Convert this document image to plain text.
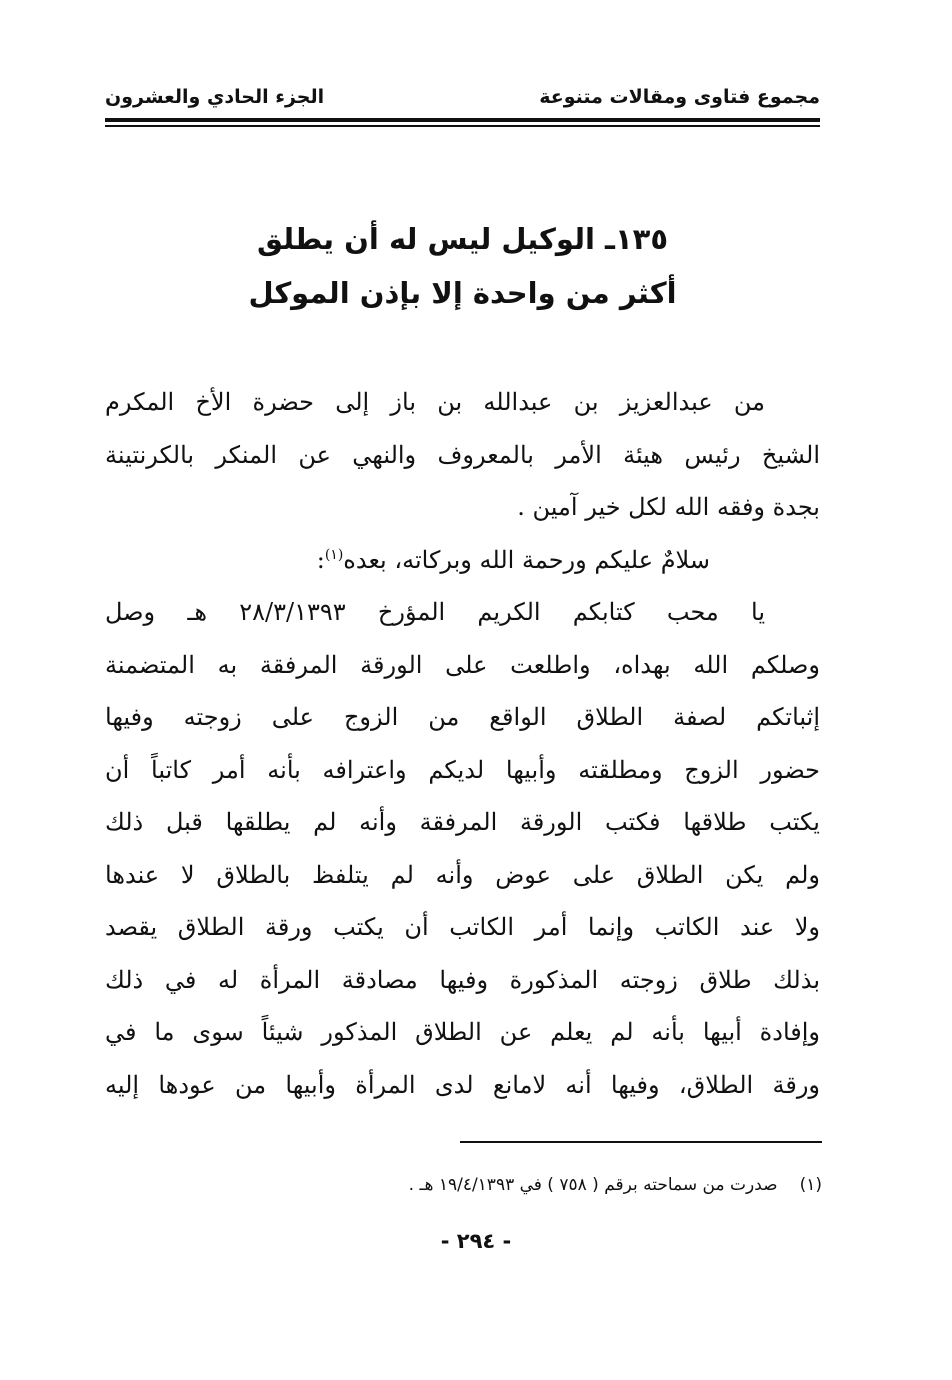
مجموع فتاوى ومقالات متنوعة
الجزء الحادي والعشرون
١٣٥ـ الوكيل ليس له أن يطلق
أكثر من واحدة إلا بإذن الموكل

من عبدالعزيز بن عبدالله بن باز إلى حضرة الأخ المكرم
الشيخ رئيس هيئة الأمر بالمعروف والنهي عن المنكر بالكرنتينة
بجدة وفقه الله لكل خير آمين .

سلامٌ عليكم ورحمة الله وبركاته، بعده$^{(١)}$:

يا محب كتابكم الكريم المؤرخ ٢٨/٣/١٣٩٣ هـ وصل
وصلكم الله بهداه، واطلعت على الورقة المرفقة به المتضمنة
إثباتكم لصفة الطلاق الواقع من الزوج على زوجته وفيها
حضور الزوج ومطلقته وأبيها لديكم واعترافه بأنه أمر كاتباً أن
يكتب طلاقها فكتب الورقة المرفقة وأنه لم يطلقها قبل ذلك
ولم يكن الطلاق على عوض وأنه لم يتلفظ بالطلاق لا عندها
ولا عند الكاتب وإنما أمر الكاتب أن يكتب ورقة الطلاق يقصد
بذلك طلاق زوجته المذكورة وفيها مصادقة المرأة له في ذلك
وإفادة أبيها بأنه لم يعلم عن الطلاق المذكور شيئاً سوى ما في
ورقة الطلاق، وفيها أنه لامانع لدى المرأة وأبيها من عودها إليه

(١)صدرت من سماحته برقم ( ٧٥٨ ) في ١٩/٤/١٣٩٣ هـ .
- ٢٩٤ -
